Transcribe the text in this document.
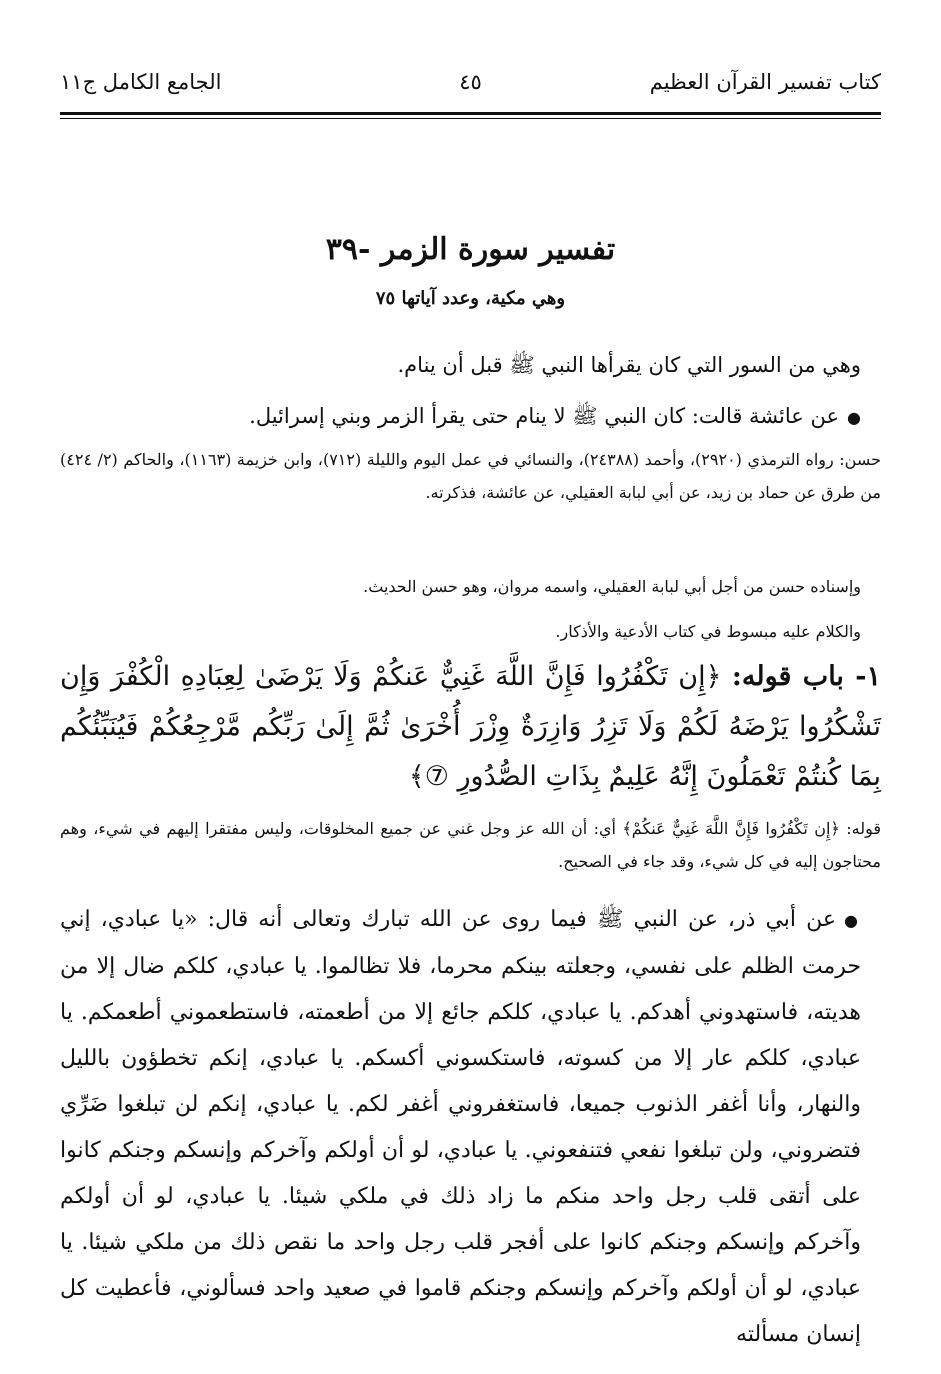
كتاب تفسير القرآن العظيم
٤٥
الجامع الكامل ج١١
تفسير سورة الزمر -٣٩
وهي مكية، وعدد آياتها ٧٥
وهي من السور التي كان يقرأها النبي ﷺ قبل أن ينام.
●عن عائشة قالت: كان النبي ﷺ لا ينام حتى يقرأ الزمر وبني إسرائيل.
حسن: رواه الترمذي (٢٩٢٠)، وأحمد (٢٤٣٨٨)، والنسائي في عمل اليوم والليلة (٧١٢)، وابن خزيمة (١١٦٣)، والحاكم (٢/ ٤٢٤) من طرق عن حماد بن زيد، عن أبي لبابة العقيلي، عن عائشة، فذكرته.
وإسناده حسن من أجل أبي لبابة العقيلي، واسمه مروان، وهو حسن الحديث.
والكلام عليه مبسوط في كتاب الأدعية والأذكار.
١- باب قوله: ﴿إِن تَكْفُرُوا فَإِنَّ اللَّهَ غَنِيٌّ عَنكُمْ وَلَا يَرْضَىٰ لِعِبَادِهِ الْكُفْرَ وَإِن تَشْكُرُوا يَرْضَهُ لَكُمْ وَلَا تَزِرُ وَازِرَةٌ وِزْرَ أُخْرَىٰ ثُمَّ إِلَىٰ رَبِّكُم مَّرْجِعُكُمْ فَيُنَبِّئُكُم بِمَا كُنتُمْ تَعْمَلُونَ إِنَّهُ عَلِيمٌ بِذَاتِ الصُّدُورِ ⑦﴾
قوله: ﴿إِن تَكْفُرُوا فَإِنَّ اللَّهَ غَنِيٌّ عَنكُمْ﴾ أي: أن الله عز وجل غني عن جميع المخلوقات، وليس مفتقرا إليهم في شيء، وهم محتاجون إليه في كل شيء، وقد جاء في الصحيح.
●عن أبي ذر، عن النبي ﷺ فيما روى عن الله تبارك وتعالى أنه قال: «يا عبادي، إني حرمت الظلم على نفسي، وجعلته بينكم محرما، فلا تظالموا. يا عبادي، كلكم ضال إلا من هديته، فاستهدوني أهدكم. يا عبادي، كلكم جائع إلا من أطعمته، فاستطعموني أطعمكم. يا عبادي، كلكم عار إلا من كسوته، فاستكسوني أكسكم. يا عبادي، إنكم تخطؤون بالليل والنهار، وأنا أغفر الذنوب جميعا، فاستغفروني أغفر لكم. يا عبادي، إنكم لن تبلغوا ضَرِّي فتضروني، ولن تبلغوا نفعي فتنفعوني. يا عبادي، لو أن أولكم وآخركم وإنسكم وجنكم كانوا على أتقى قلب رجل واحد منكم ما زاد ذلك في ملكي شيئا. يا عبادي، لو أن أولكم وآخركم وإنسكم وجنكم كانوا على أفجر قلب رجل واحد ما نقص ذلك من ملكي شيئا. يا عبادي، لو أن أولكم وآخركم وإنسكم وجنكم قاموا في صعيد واحد فسألوني، فأعطيت كل إنسان مسألته
